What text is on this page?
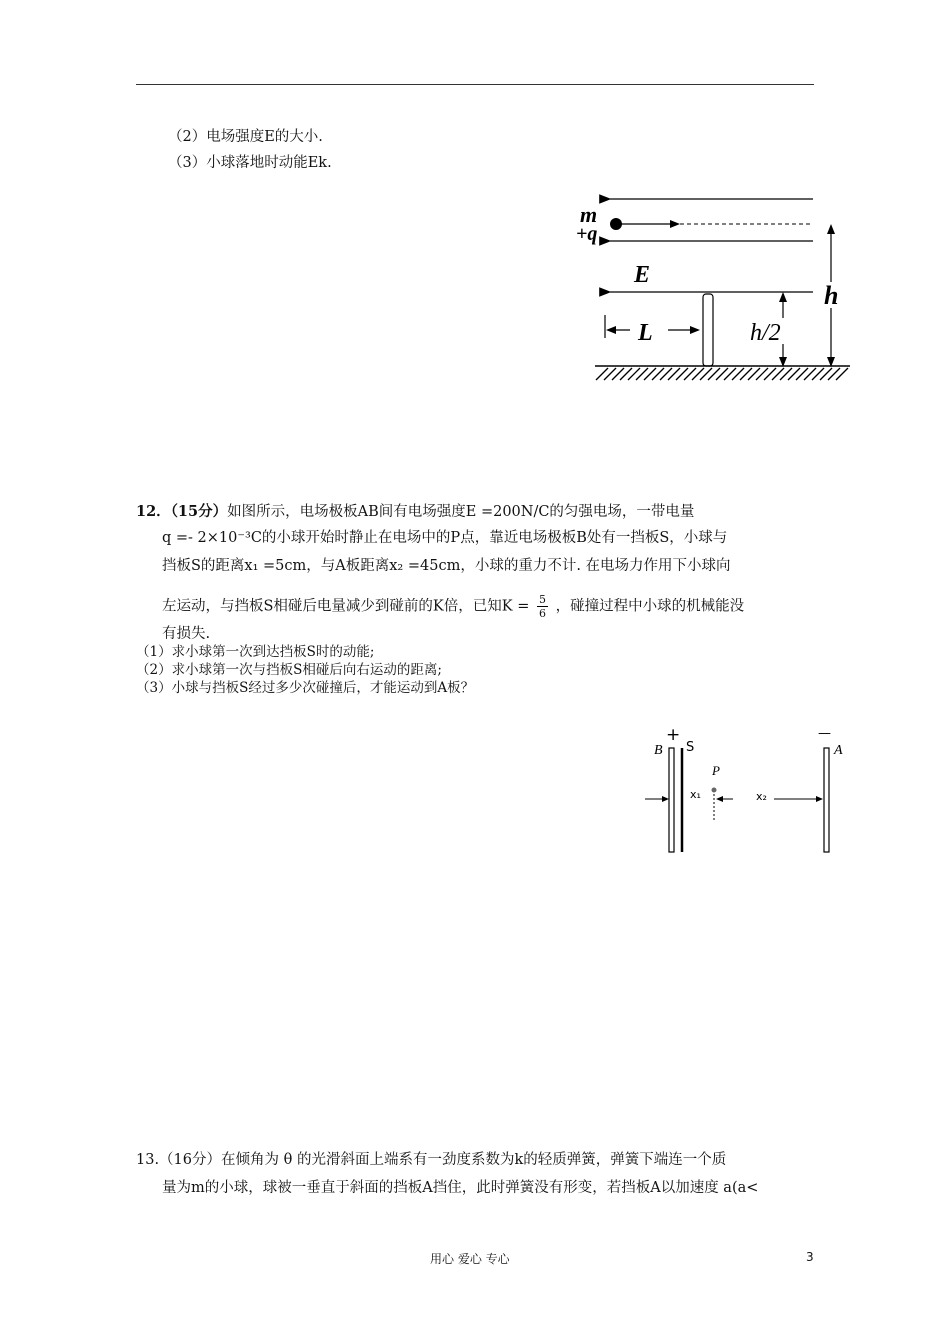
（2）电场强度E的大小.
（3）小球落地时动能Ek.
m
+q
E
h
h/2
L
12．（15分）如图所示，电场极板AB间有电场强度E =200N/C的匀强电场，一带电量
q =- 2×10⁻³C的小球开始时静止在电场中的P点，靠近电场极板B处有一挡板S，小球与
挡板S的距离x₁ =5cm，与A板距离x₂ =45cm，小球的重力不计. 在电场力作用下小球向
左运动，与挡板S相碰后电量减少到碰前的K倍，已知$K = \frac{5}{6}$ ，碰撞过程中小球的机械能没
有损失.
（1）求小球第一次到达挡板S时的动能;
（2）求小球第一次与挡板S相碰后向右运动的距离;
（3）小球与挡板S经过多少次碰撞后，才能运动到A板？
+	—
B S	A
P
x₁	x₂
13.（16分）在倾角为 θ 的光滑斜面上端系有一劲度系数为k的轻质弹簧，弹簧下端连一个质
量为m的小球，球被一垂直于斜面的挡板A挡住，此时弹簧没有形变，若挡板A以加速度 a(a<
用心 爱心 专心	3
